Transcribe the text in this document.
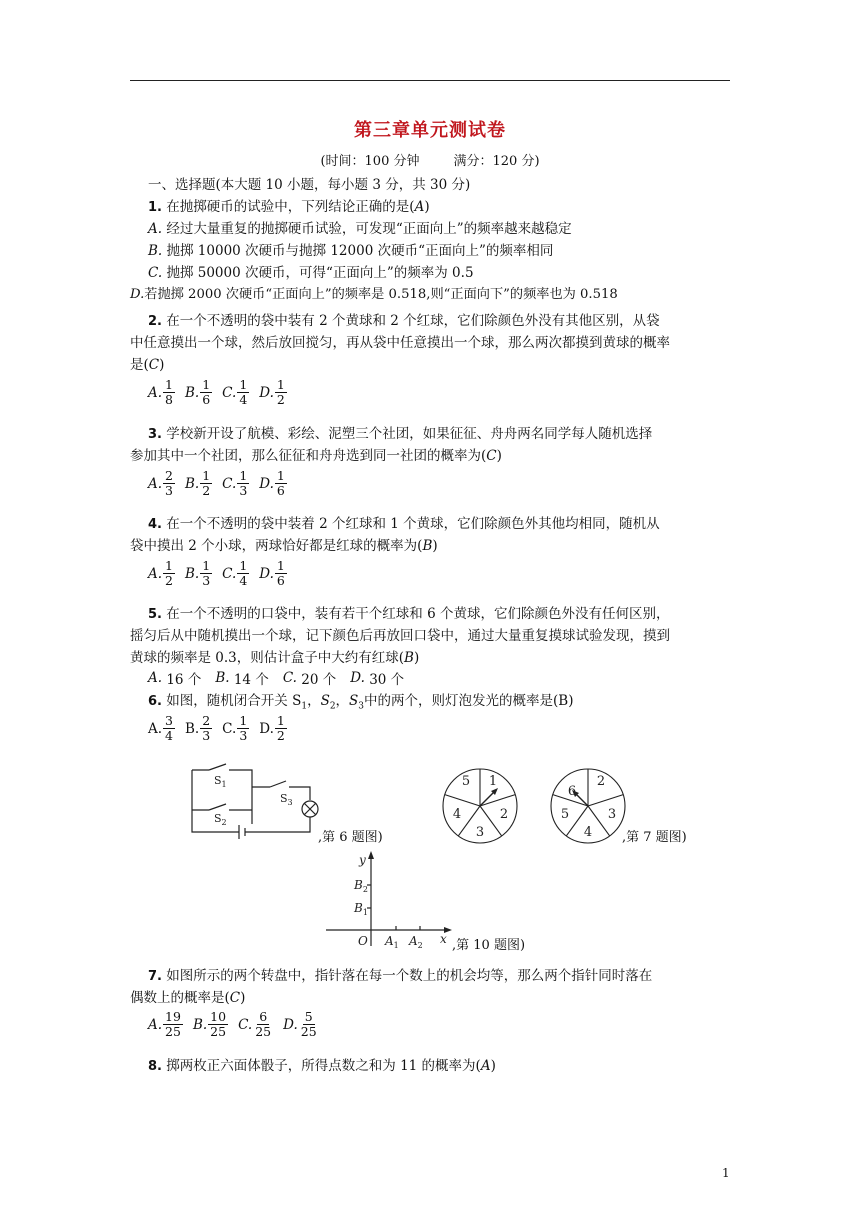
第三章单元测试卷
(时间：100 分钟	满分：120 分)
一、选择题(本大题 10 小题，每小题 3 分，共 30 分)
1. 在抛掷硬币的试验中，下列结论正确的是(A)
A. 经过大量重复的抛掷硬币试验，可发现“正面向上”的频率越来越稳定
B. 抛掷 10000 次硬币与抛掷 12000 次硬币“正面向上”的频率相同
C. 抛掷 50000 次硬币，可得“正面向上”的频率为 0.5
D.若抛掷 2000 次硬币“正面向上”的频率是 0.518,则“正面向下”的频率也为 0.518
2. 在一个不透明的袋中装有 2 个黄球和 2 个红球，它们除颜色外没有其他区别，从袋
中任意摸出一个球，然后放回搅匀，再从袋中任意摸出一个球，那么两次都摸到黄球的概率
是(C)
A. $\frac{1}{8} B$. $\frac{1}{6} C$. $\frac{1}{4} D$. $\frac{1}{2}$
3. 学校新开设了航模、彩绘、泥塑三个社团，如果征征、舟舟两名同学每人随机选择
参加其中一个社团，那么征征和舟舟选到同一社团的概率为(C)
A. $\frac{2}{3} B$. $\frac{1}{2} C$. $\frac{1}{3} D$. $\frac{1}{6}$
4. 在一个不透明的袋中装着 2 个红球和 1 个黄球，它们除颜色外其他均相同，随机从
袋中摸出 2 个小球，两球恰好都是红球的概率为(B)
A. $\frac{1}{2} B$. $\frac{1}{3} C$. $\frac{1}{4} D$. $\frac{1}{6}$
5. 在一个不透明的口袋中，装有若干个红球和 6 个黄球，它们除颜色外没有任何区别，
摇匀后从中随机摸出一个球，记下颜色后再放回口袋中，通过大量重复摸球试验发现，摸到
黄球的频率是 0.3，则估计盒子中大约有红球(B)
A.
16 个 B.
14 个 C.
20 个 D.
30 个
6. 如图，随机闭合开关 $S_1$，$S_2$，$S_3$中的两个，则灯泡发光的概率是(B)
A. $\frac{3}{4} B$. $\frac{2}{3} C$. $\frac{1}{3} D$. $\frac{1}{2}$
$S_1$
$S_2$
$S_3$
,第 6 题图)
1
2
3
4
5	2
3
4
5
6
,第 7 题图)
y
x
O
$B_2$
$B_1$
$A_1$ $A_2$ ,第 10 题图)
7. 如图所示的两个转盘中，指针落在每一个数上的机会均等，那么两个指针同时落在
偶数上的概率是(C)
A. $\frac{19}{25} B$. $\frac{10}{25} C$. $\frac{6}{25} D$. $\frac{5}{25}$
8. 掷两枚正六面体骰子，所得点数之和为 11 的概率为(A)
1
